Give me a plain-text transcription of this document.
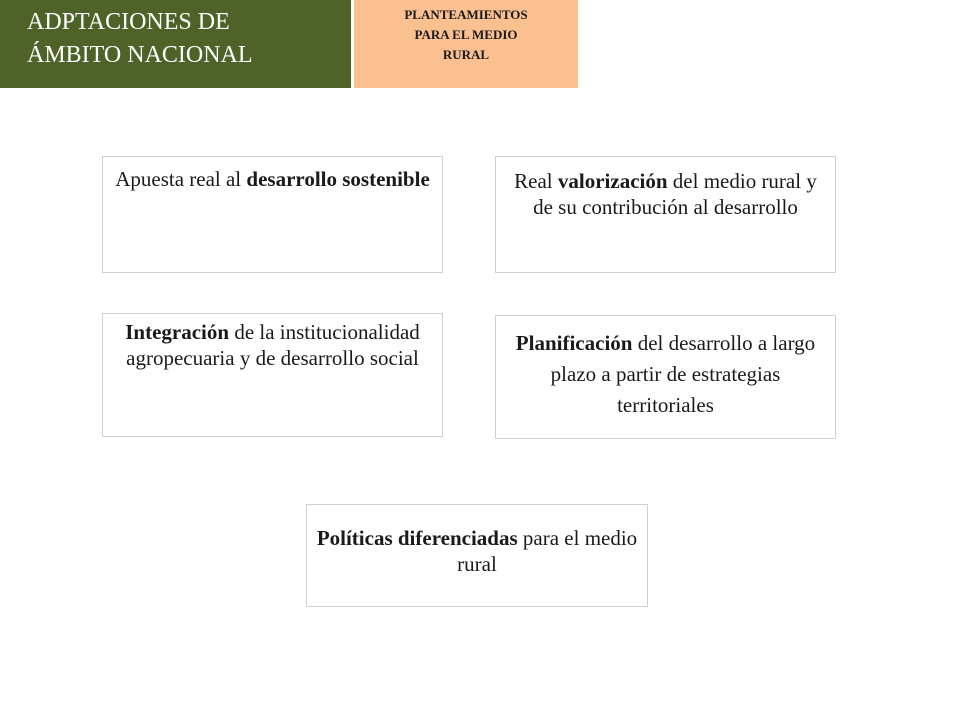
ADPTACIONES DE
ÁMBITO NACIONAL
PLANTEAMIENTOS
PARA EL MEDIO
RURAL
Apuesta real al desarrollo sostenible	Real valorización del medio rural y de su contribución al desarrollo
Integración de la institucionalidad agropecuaria y de desarrollo social
Planificación del desarrollo a largo plazo a partir de estrategias territoriales
Políticas diferenciadas para el medio rural
